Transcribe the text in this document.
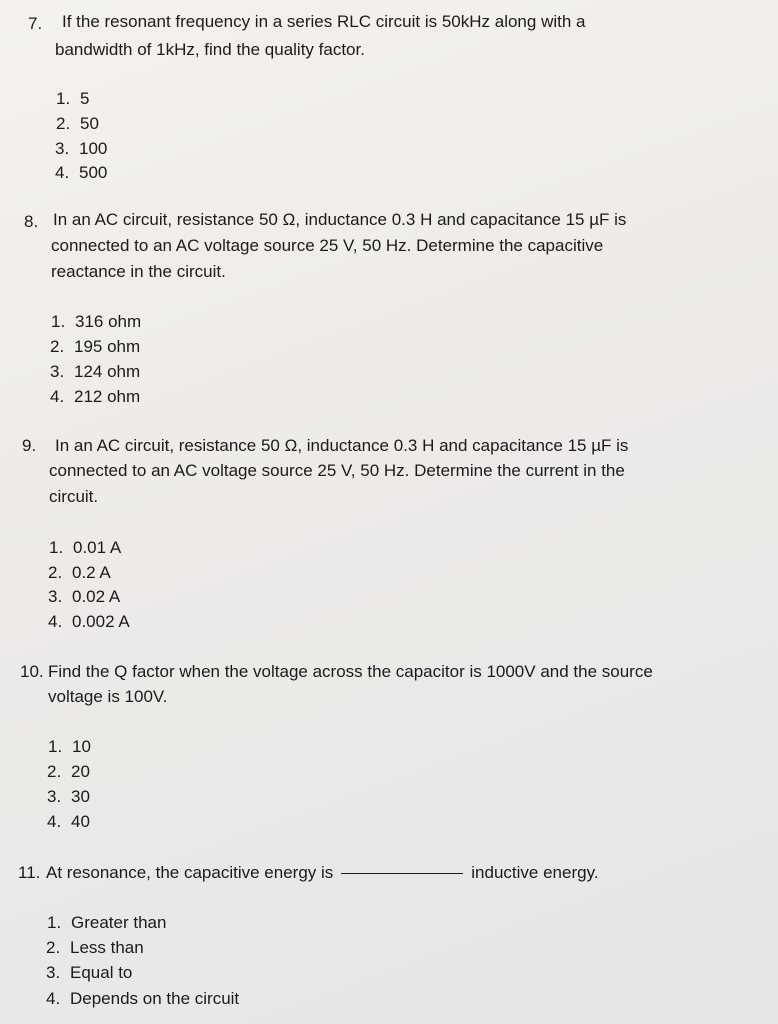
7. If the resonant frequency in a series RLC circuit is 50kHz along with a
bandwidth of 1kHz, find the quality factor.
1. 5
2. 50
3. 100
4. 500
8. In an AC circuit, resistance 50 Ω, inductance 0.3 H and capacitance 15 µF is
connected to an AC voltage source 25 V, 50 Hz. Determine the capacitive
reactance in the circuit.
1. 316 ohm
2. 195 ohm
3. 124 ohm
4. 212 ohm
9. In an AC circuit, resistance 50 Ω, inductance 0.3 H and capacitance 15 µF is
connected to an AC voltage source 25 V, 50 Hz. Determine the current in the
circuit.
1. 0.01 A
2. 0.2 A
3. 0.02 A
4. 0.002 A
10. Find the Q factor when the voltage across the capacitor is 1000V and the source
voltage is 100V.
1. 10
2. 20
3. 30
4. 40
11. At resonance, the capacitive energy is	inductive energy.
1. Greater than
2. Less than
3. Equal to
4. Depends on the circuit
